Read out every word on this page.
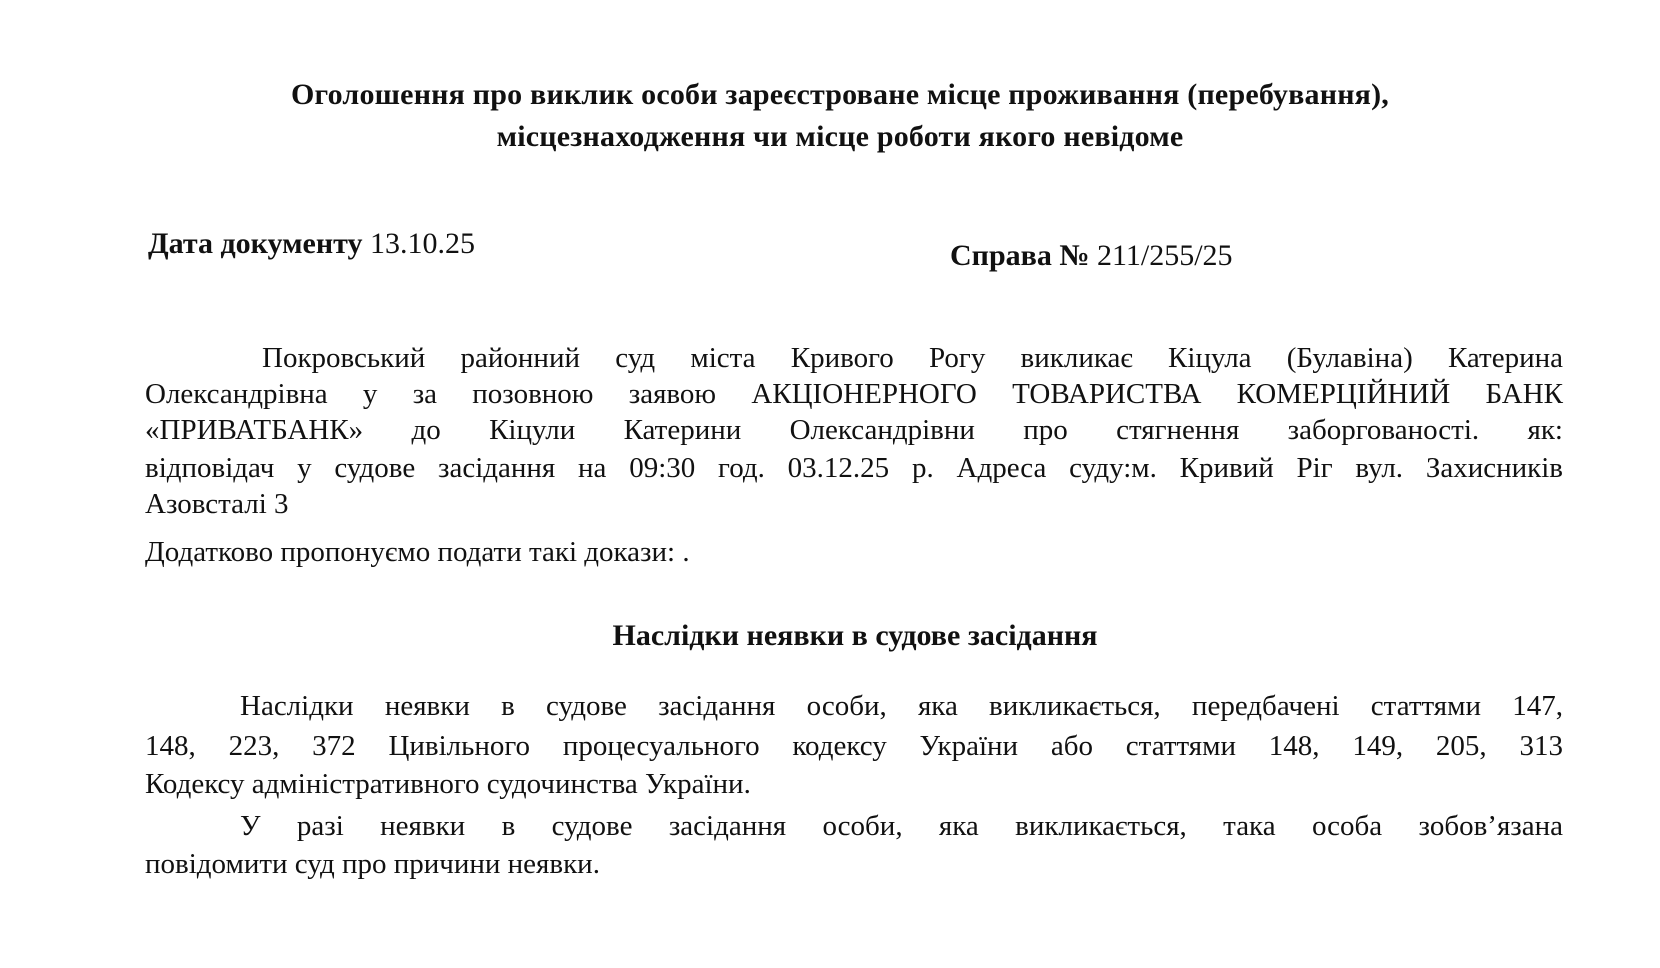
Оголошення про виклик особи зареєстроване місце проживання (перебування),
місцезнаходження чи місце роботи якого невідоме
Дата документу 13.10.25	Справа № 211/255/25
Покровський районний суд міста Кривого Рогу викликає Кіцула (Булавіна) Катерина
Олександрівна у за позовною заявою АКЦІОНЕРНОГО ТОВАРИСТВА КОМЕРЦІЙНИЙ БАНК
«ПРИВАТБАНК» до Кіцули Катерини Олександрівни про стягнення заборгованості. як:
відповідач у судове засідання на 09:30 год. 03.12.25 р. Адреса суду:м. Кривий Ріг вул. Захисників
Азовсталі 3
Додатково пропонуємо подати такі докази: .
Наслідки неявки в судове засідання
Наслідки неявки в судове засідання особи, яка викликається, передбачені статтями 147,
148, 223, 372 Цивільного процесуального кодексу України або статтями 148, 149, 205, 313
Кодексу адміністративного судочинства України.
У разі неявки в судове засідання особи, яка викликається, така особа зобов’язана
повідомити суд про причини неявки.
